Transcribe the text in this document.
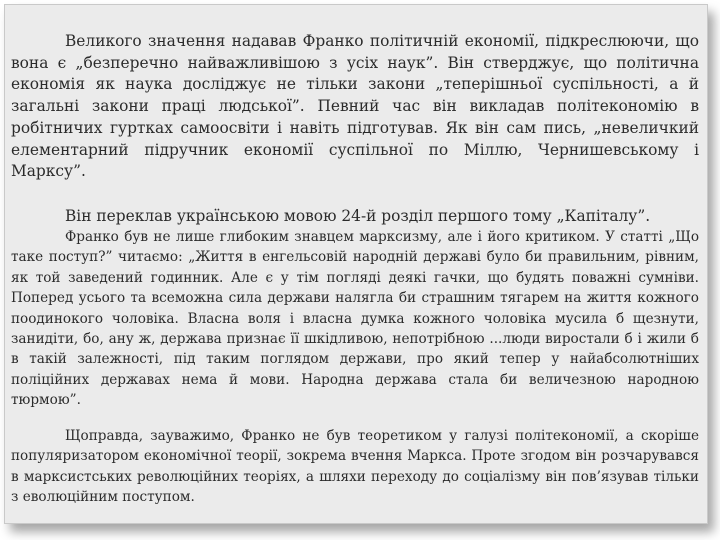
Великого значення надавав Франко політичній економії, підкреслюючи, що вона є „безперечно найважливішою з усіх наук”. Він стверджує, що політична економія як наука досліджує не тільки закони „теперішньої суспільності, а й загальні закони праці людської”. Певний час він викладав політекономію в робітничих гуртках самоосвіти і навіть підготував. Як він сам пись, „невеличкий елементарний підручник економії суспільної по Міллю, Чернишевському і Марксу”.

Він переклав українською мовою 24-й розділ першого тому „Капіталу”.

Франко був не лише глибоким знавцем марксизму, але і його критиком. У статті „Що таке поступ?” читаємо: „Життя в енгельсовій народній державі було би правильним, рівним, як той заведений годинник. Але є у тім погляді деякі гачки, що будять поважні сумніви. Поперед усього та всеможна сила держави налягла би страшним тягарем на життя кожного поодинокого чоловіка. Власна воля і власна думка кожного чоловіка мусила б щезнути, занидіти, бо, ану ж, держава признає її шкідливою, непотрібною ...люди виростали б і жили б в такій залежності, під таким поглядом держави, про який тепер у найабсолютніших поліційних державах нема й мови. Народна держава стала би величезною народною тюрмою”.

Щоправда, зауважимо, Франко не був теоретиком у галузі політекономії, а скоріше популяризатором економічної теорії, зокрема вчення Маркса. Проте згодом він розчарувався в марксистських революційних теоріях, а шляхи переходу до соціалізму він пов’язував тільки з еволюційним поступом.
